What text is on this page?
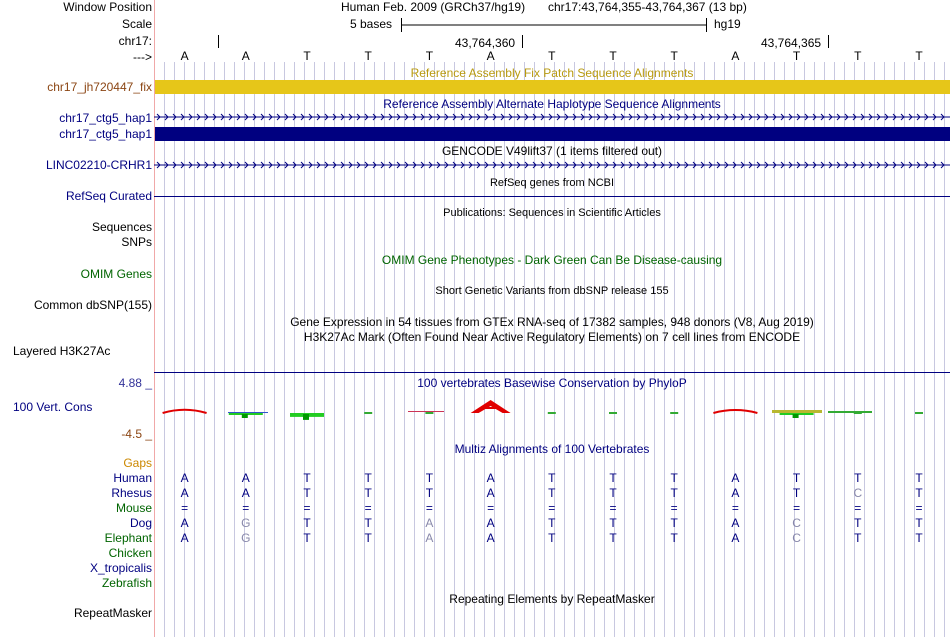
Window Position
Scale
chr17:
--->
Human Feb. 2009 (GRCh37/hg19) chr17:43,764,355-43,764,367 (13 bp)
5 bases	hg19
43,764,360	43,764,365
A	A	T	T	T	A	T	T	T	A	T	T	T
Reference Assembly Fix Patch Sequence Alignments
chr17_jh720447_fix
Reference Assembly Alternate Haplotype Sequence Alignments
chr17_ctg5_hap1
chr17_ctg5_hap1
GENCODE V49lift37 (1 items filtered out)
LINC02210-CRHR1
RefSeq genes from NCBI
RefSeq Curated
Publications: Sequences in Scientific Articles
Sequences
SNPs
OMIM Gene Phenotypes - Dark Green Can Be Disease-causing
OMIM Genes
Short Genetic Variants from dbSNP release 155
Common dbSNP(155)
Gene Expression in 54 tissues from GTEx RNA-seq of 17382 samples, 948 donors (V8, Aug 2019)
H3K27Ac Mark (Often Found Near Active Regulatory Elements) on 7 cell lines from ENCODE
Layered H3K27Ac
100 vertebrates Basewise Conservation by PhyloP
4.88 _
100 Vert. Cons
-4.5 _
Multiz Alignments of 100 Vertebrates
Gaps
Human	A	A	T	T	T	A	T	T	T	A	T	T	T
Rhesus	A	A	T	T	T	A	T	T	T	A	T	C	T
Mouse	=	=	=	=	=	=	=	=	=	=	=	=	=
Dog	A	G	T	T	A	A	T	T	T	A	C	T	T
Elephant	A	G	T	T	A	A	T	T	T	A	C	T	T
Chicken
X_tropicalis
Zebrafish
Repeating Elements by RepeatMasker
RepeatMasker
